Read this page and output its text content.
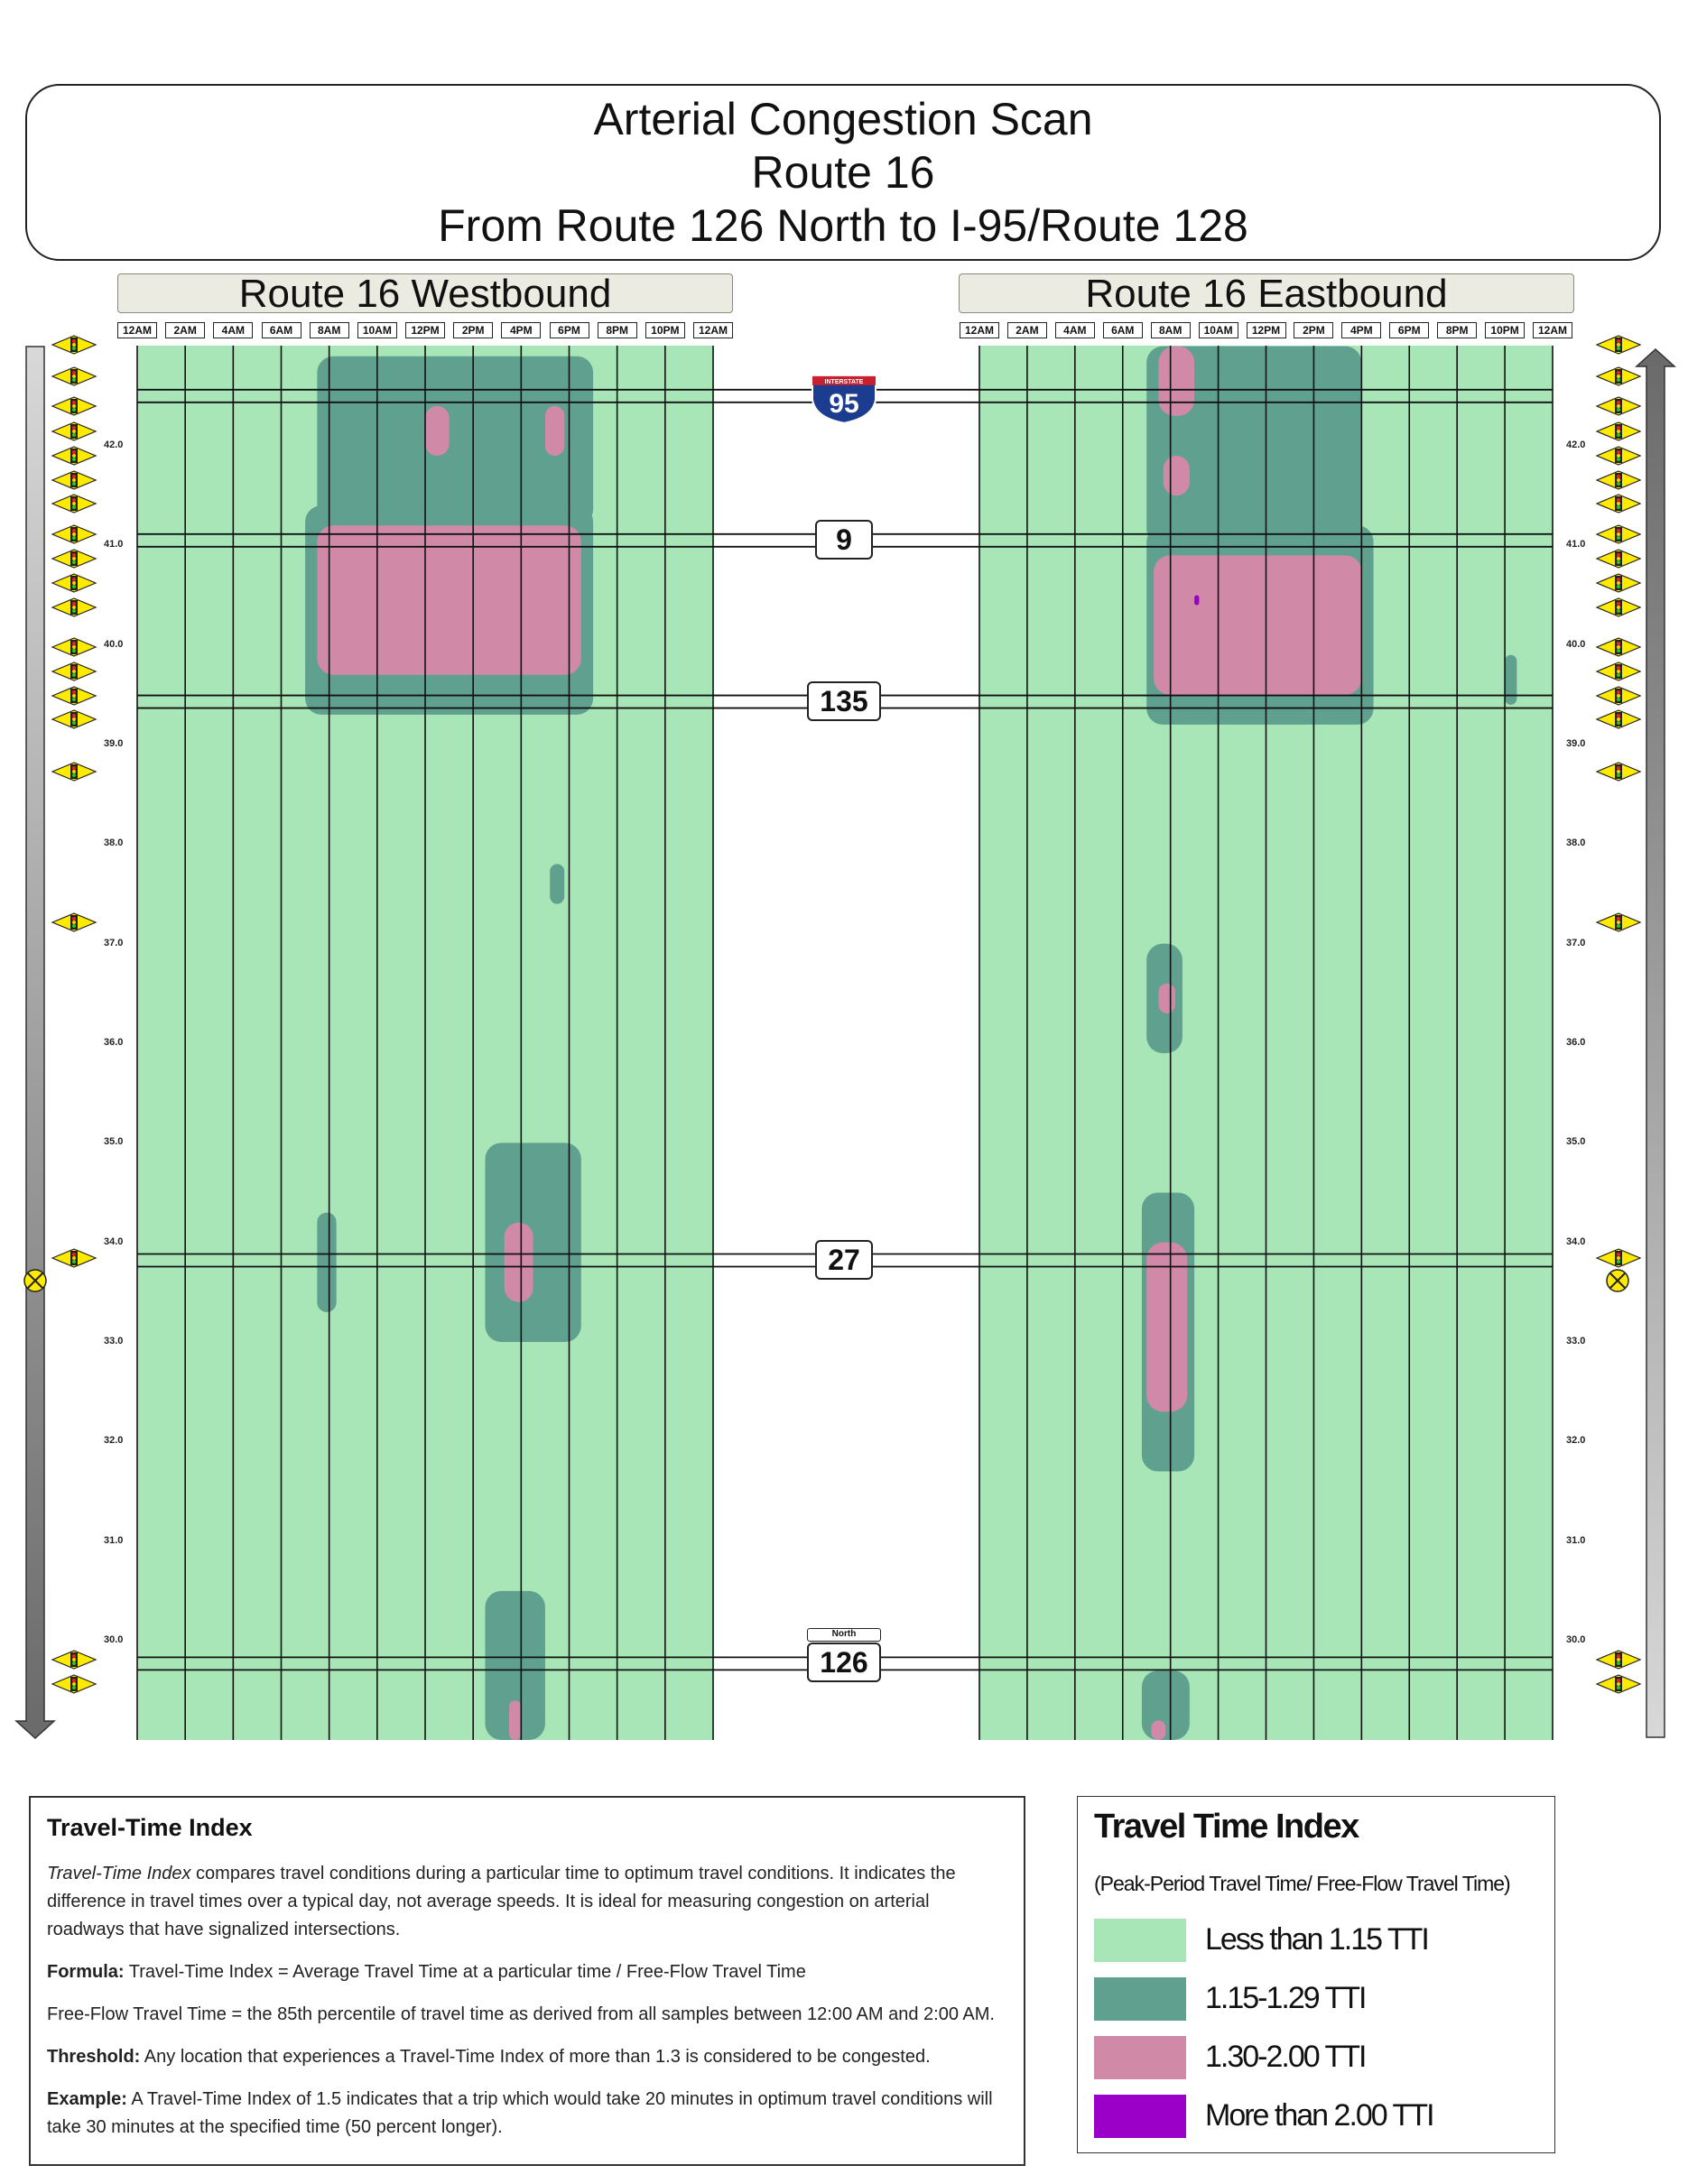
Arterial Congestion Scan
Route 16
From Route 126 North to I-95/Route 128
Route 16 Westbound	Route 16 Eastbound
INTERSTATE
95
12AM	2AM	4AM	6AM	8AM	10AM	12PM	2PM	4PM	6PM	8PM	10PM	12AM	12AM	2AM	4AM	6AM	8AM	10AM	12PM	2PM	4PM	6PM	8PM	10PM	12AM
42.0	42.0
41.0	41.0
40.0	40.0
39.0	39.0
38.0	38.0
37.0	37.0
36.0	36.0
35.0	35.0
34.0	34.0
33.0	33.0
32.0	32.0
31.0	31.0
30.0	30.0
9
135
27
126
North
Travel-Time Index

Travel-Time Index compares travel conditions during a particular time to optimum travel conditions. It indicates the difference in travel times over a typical day, not average speeds. It is ideal for measuring congestion on arterial roadways that have signalized intersections.

Formula: Travel-Time Index = Average Travel Time at a particular time / Free-Flow Travel Time

Free-Flow Travel Time = the 85th percentile of travel time as derived from all samples between 12:00 AM and 2:00 AM.

Threshold: Any location that experiences a Travel-Time Index of more than 1.3 is considered to be congested.

Example: A Travel-Time Index of 1.5 indicates that a trip which would take 20 minutes in optimum travel conditions will take 30 minutes at the specified time (50 percent longer).

Travel Time Index
(Peak-Period Travel Time/ Free-Flow Travel Time)
Less than 1.15 TTI
1.15-1.29 TTI
1.30-2.00 TTI
More than 2.00 TTI
